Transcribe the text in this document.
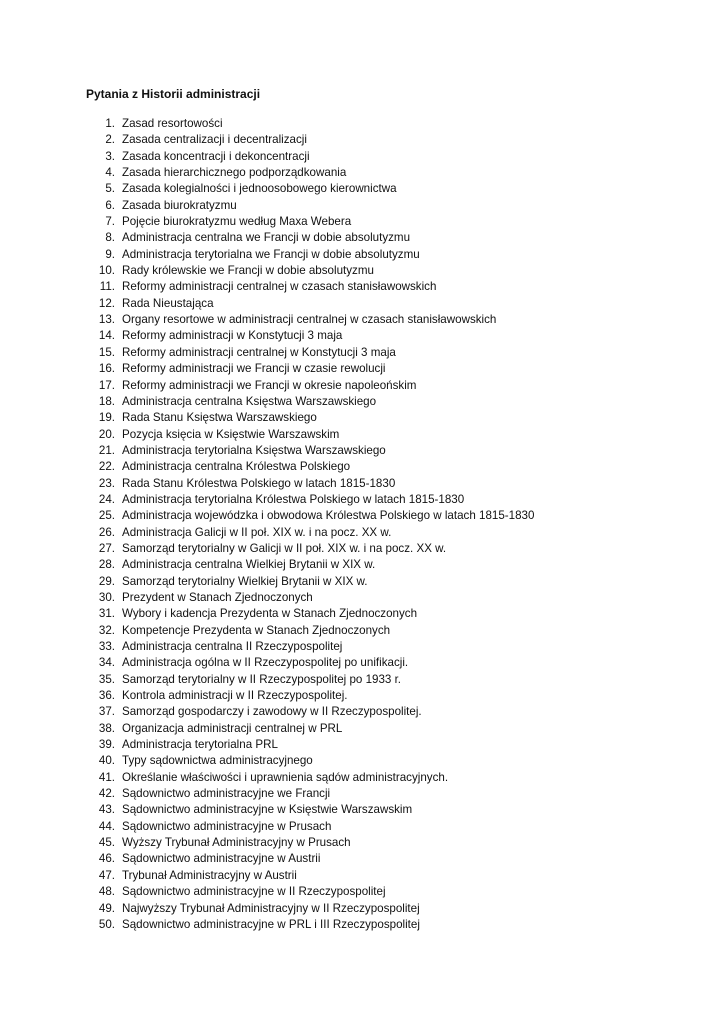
Pytania z Historii administracji
1. Zasad resortowości
2. Zasada centralizacji i decentralizacji
3. Zasada koncentracji i dekoncentracji
4. Zasada hierarchicznego podporządkowania
5. Zasada kolegialności i jednoosobowego kierownictwa
6. Zasada biurokratyzmu
7. Pojęcie biurokratyzmu według Maxa Webera
8. Administracja centralna we Francji w dobie absolutyzmu
9. Administracja terytorialna we Francji w dobie absolutyzmu
10. Rady królewskie we Francji w dobie absolutyzmu
11. Reformy administracji centralnej w czasach stanisławowskich
12. Rada Nieustająca
13. Organy resortowe w administracji centralnej w czasach stanisławowskich
14. Reformy administracji w Konstytucji 3 maja
15. Reformy administracji centralnej w Konstytucji 3 maja
16. Reformy administracji we Francji w czasie rewolucji
17. Reformy administracji we Francji w okresie napoleońskim
18. Administracja centralna Księstwa Warszawskiego
19. Rada Stanu Księstwa Warszawskiego
20. Pozycja księcia w Księstwie Warszawskim
21. Administracja terytorialna Księstwa Warszawskiego
22. Administracja centralna Królestwa Polskiego
23. Rada Stanu Królestwa Polskiego w latach 1815-1830
24. Administracja terytorialna Królestwa Polskiego w latach 1815-1830
25. Administracja wojewódzka i obwodowa Królestwa Polskiego w latach 1815-1830
26. Administracja Galicji w II poł. XIX w. i na pocz. XX w.
27. Samorząd terytorialny w Galicji w II poł. XIX w. i na pocz. XX w.
28. Administracja centralna Wielkiej Brytanii w XIX w.
29. Samorząd terytorialny Wielkiej Brytanii w XIX w.
30. Prezydent w Stanach Zjednoczonych
31. Wybory i kadencja Prezydenta w Stanach Zjednoczonych
32. Kompetencje Prezydenta w Stanach Zjednoczonych
33. Administracja centralna II Rzeczypospolitej
34. Administracja ogólna w II Rzeczypospolitej po unifikacji.
35. Samorząd terytorialny w II Rzeczypospolitej po 1933 r.
36. Kontrola administracji w II Rzeczypospolitej.
37. Samorząd gospodarczy i zawodowy w II Rzeczypospolitej.
38. Organizacja administracji centralnej w PRL
39. Administracja terytorialna PRL
40. Typy sądownictwa administracyjnego
41. Określanie właściwości i uprawnienia sądów administracyjnych.
42. Sądownictwo administracyjne we Francji
43. Sądownictwo administracyjne w Księstwie Warszawskim
44. Sądownictwo administracyjne w Prusach
45. Wyższy Trybunał Administracyjny w Prusach
46. Sądownictwo administracyjne w Austrii
47. Trybunał Administracyjny w Austrii
48. Sądownictwo administracyjne w II Rzeczypospolitej
49. Najwyższy Trybunał Administracyjny w II Rzeczypospolitej
50. Sądownictwo administracyjne w PRL i III Rzeczypospolitej
